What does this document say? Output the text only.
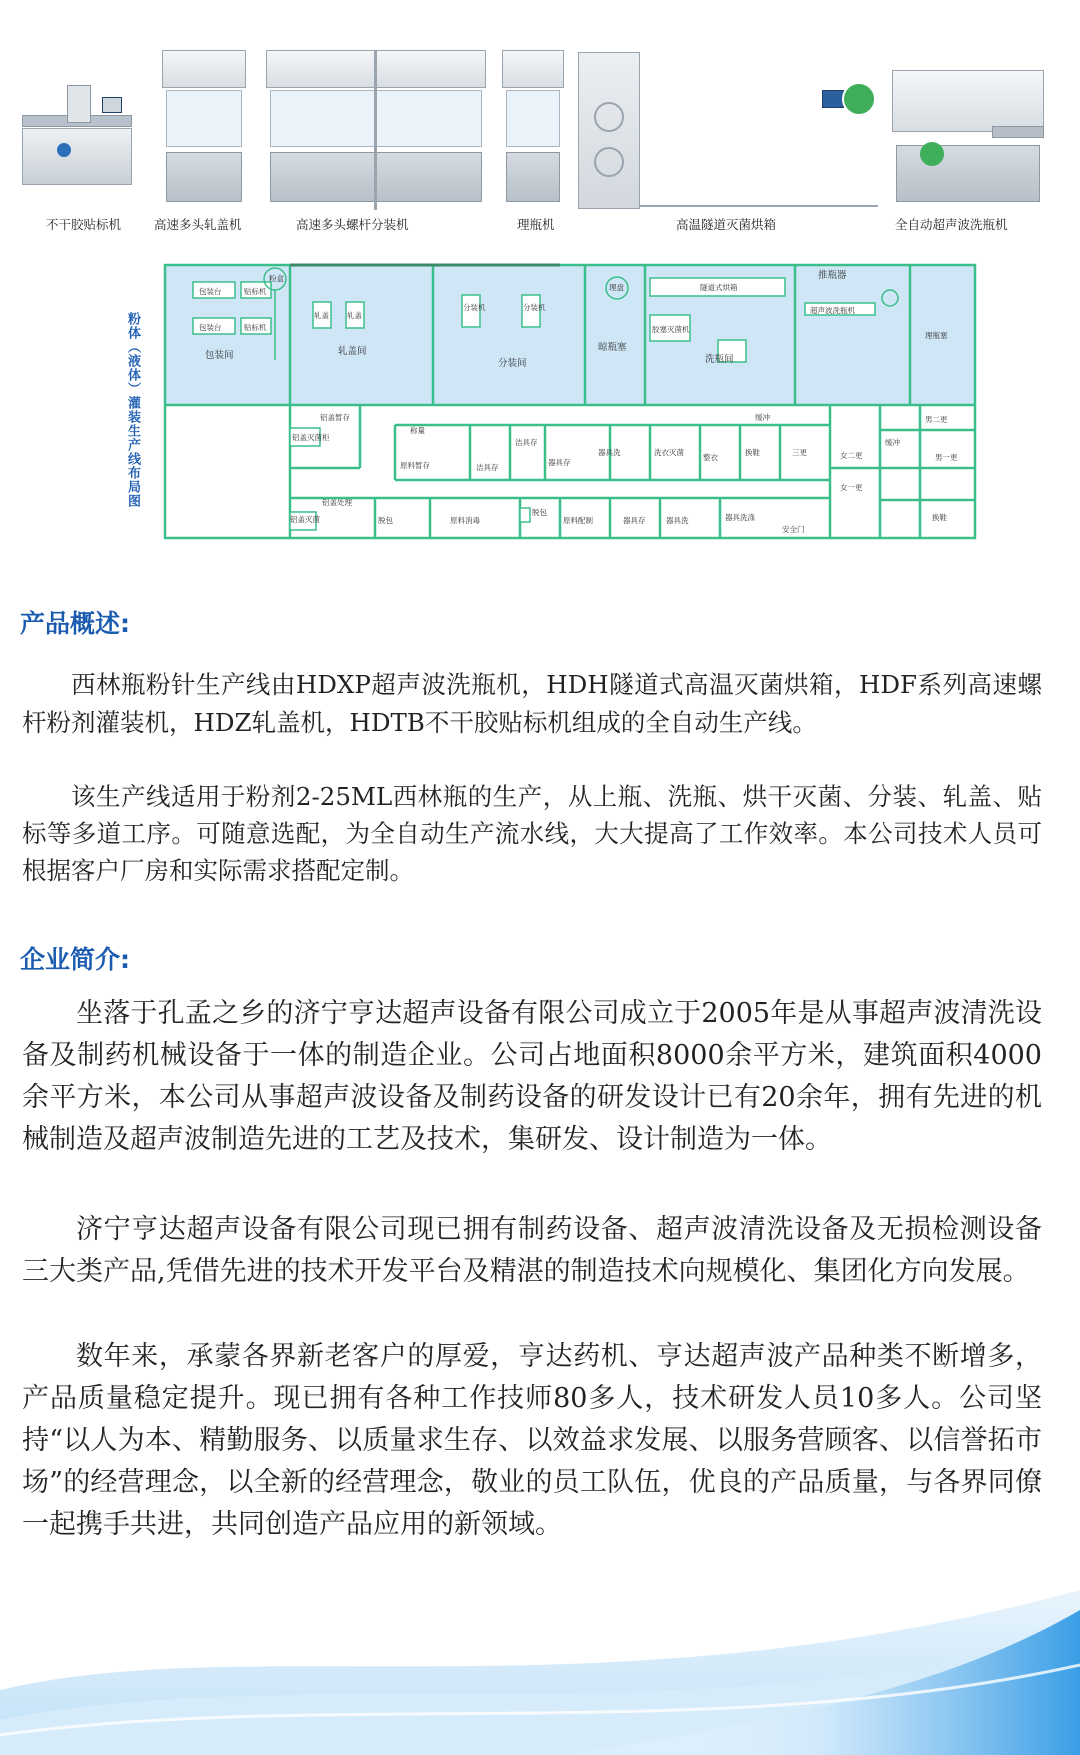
不干胶贴标机	高速多头轧盖机	高速多头螺杆分装机	理瓶机	高温隧道灭菌烘箱	全自动超声波洗瓶机
粉体（液体）灌装生产线布局图
包装台	贴标机
包装台	贴标机
包装间
粉盒
轧盖 轧盖
轧盖间
分装机	分装机
分装间
理盘
晾瓶塞
隧道式烘箱
推瓶器
洗瓶间
超声波洗瓶机
胶塞灭菌机
理瓶塞
铝盖暂存
铝盖灭菌柜
称量
原料暂存	洁具存
洁具存
器具存
器具洗	洗衣灭菌
整衣
换鞋	三更
缓冲
铝盖处理
铝盖灭菌	脱包	原料消毒
脱包
原料配制	器具存	器具洗	器具洗涤
安全门
女一更
女二更
男二更
男一更
换鞋
缓冲
产品概述:

西林瓶粉针生产线由HDXP超声波洗瓶机，HDH隧道式高温灭菌烘箱，HDF系列高速螺杆粉剂灌装机，HDZ轧盖机，HDTB不干胶贴标机组成的全自动生产线。

该生产线适用于粉剂2-25ML西林瓶的生产，从上瓶、洗瓶、烘干灭菌、分装、轧盖、贴标等多道工序。可随意选配，为全自动生产流水线，大大提高了工作效率。本公司技术人员可根据客户厂房和实际需求搭配定制。

企业简介:

坐落于孔孟之乡的济宁亨达超声设备有限公司成立于2005年是从事超声波清洗设备及制药机械设备于一体的制造企业。公司占地面积8000余平方米，建筑面积4000余平方米，本公司从事超声波设备及制药设备的研发设计已有20余年，拥有先进的机械制造及超声波制造先进的工艺及技术，集研发、设计制造为一体。

济宁亨达超声设备有限公司现已拥有制药设备、超声波清洗设备及无损检测设备三大类产品,凭借先进的技术开发平台及精湛的制造技术向规模化、集团化方向发展。

数年来，承蒙各界新老客户的厚爱，亨达药机、亨达超声波产品种类不断增多，产品质量稳定提升。现已拥有各种工作技师80多人，技术研发人员10多人。公司坚持“以人为本、精勤服务、以质量求生存、以效益求发展、以服务营顾客、以信誉拓市场”的经营理念，以全新的经营理念，敬业的员工队伍，优良的产品质量，与各界同僚一起携手共进，共同创造产品应用的新领域。
